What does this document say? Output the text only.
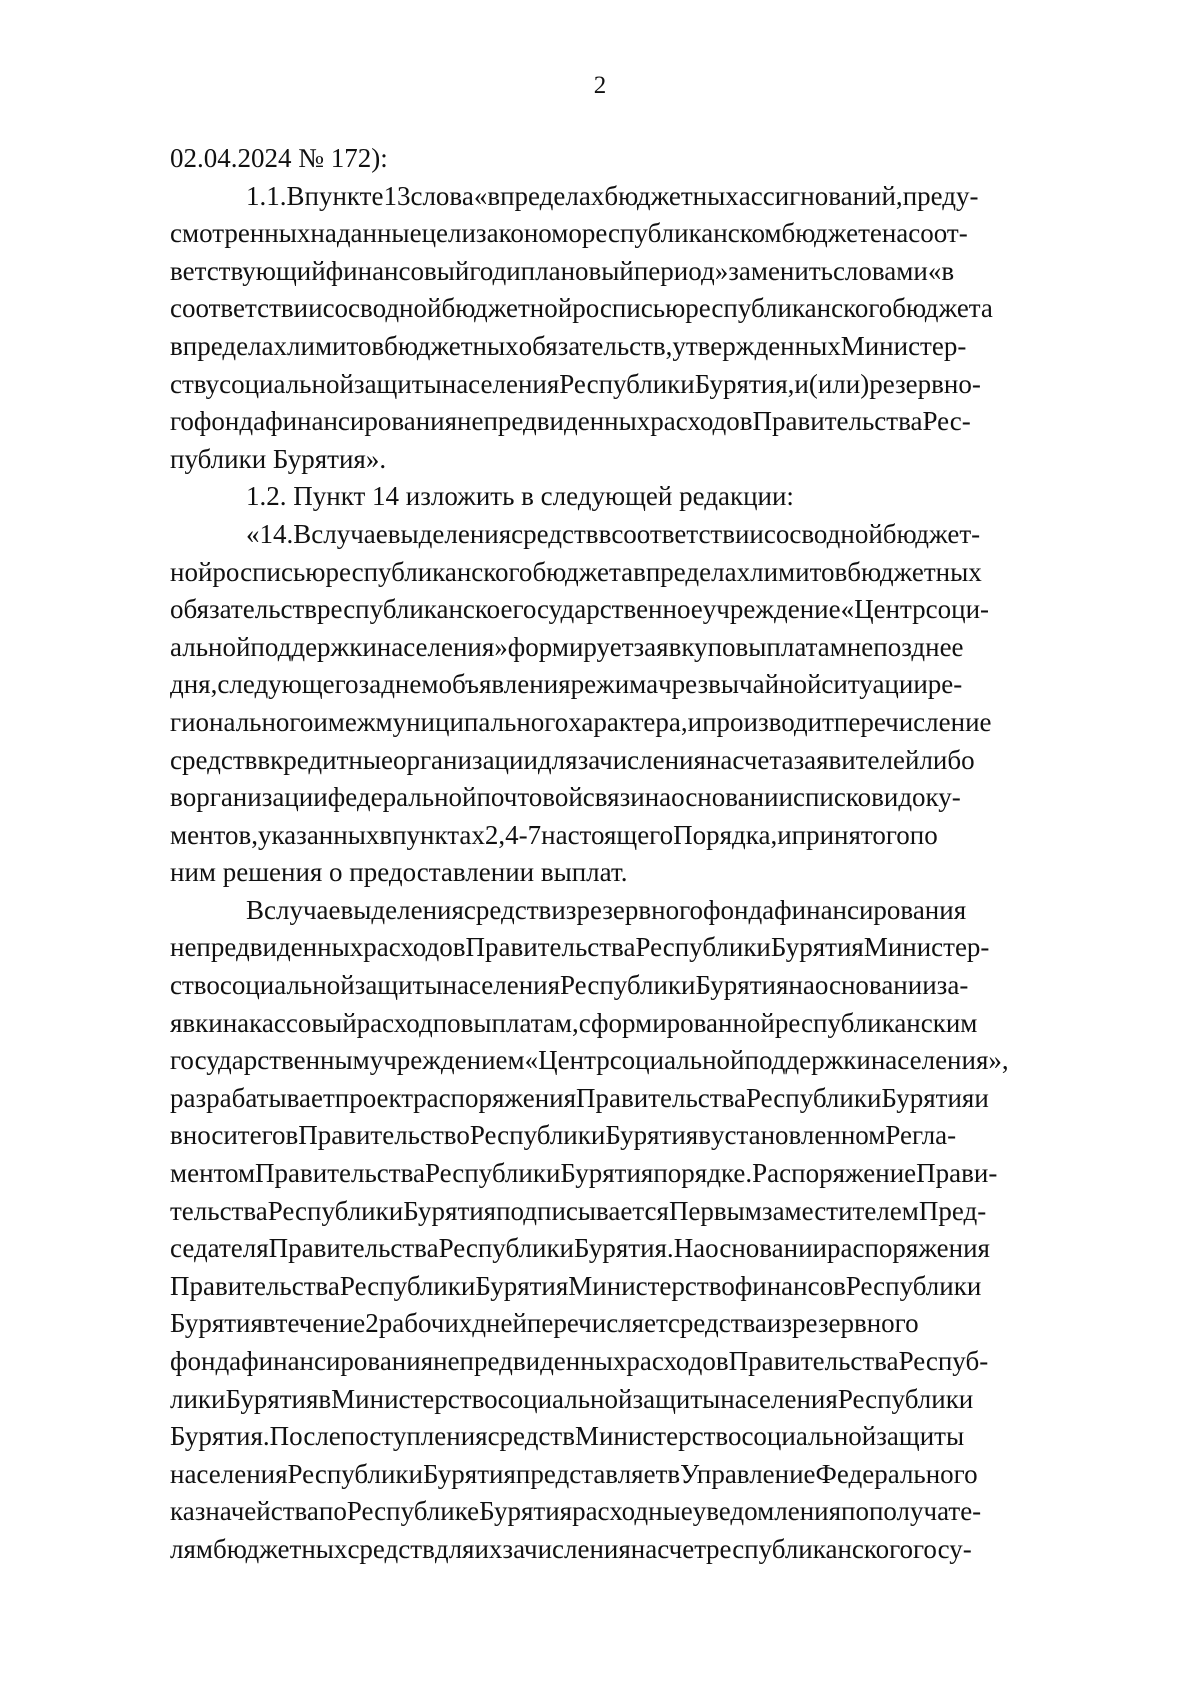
2
02.04.2024 № 172):
1.1. В пункте 13 слова «в пределах бюджетных ассигнований, преду-
смотренных на данные цели законом о республиканском бюджете на соот-
ветствующий финансовый год и плановый период» заменить словами «в
соответствии со сводной бюджетной росписью республиканского бюджета
в пределах лимитов бюджетных обязательств, утвержденных Министер-
ству социальной защиты населения Республики Бурятия, и (или) резервно-
го фонда финансирования непредвиденных расходов Правительства Рес-
публики Бурятия».
1.2. Пункт 14 изложить в следующей редакции:
«14. В случае выделения средств в соответствии со сводной бюджет-
ной росписью республиканского бюджета в пределах лимитов бюджетных
обязательств республиканское государственное учреждение «Центр соци-
альной поддержки населения» формирует заявку по выплатам не позднее
дня, следующего за днем объявления режима чрезвычайной ситуации ре-
гионального и межмуниципального характера, и производит перечисление
средств в кредитные организации для зачисления на счета заявителей либо
в организации федеральной почтовой связи на основании списков и доку-
ментов, указанных в пунктах 2, 4 - 7 настоящего Порядка, и принятого по
ним решения о предоставлении выплат.
В случае выделения средств из резервного фонда финансирования
непредвиденных расходов Правительства Республики Бурятия Министер-
ство социальной защиты населения Республики Бурятия на основании за-
явки на кассовый расход по выплатам, сформированной республиканским
государственным учреждением «Центр социальной поддержки населения»,
разрабатывает проект распоряжения Правительства Республики Бурятия и
вносит его в Правительство Республики Бурятия в установленном Регла-
ментом Правительства Республики Бурятия порядке. Распоряжение Прави-
тельства Республики Бурятия подписывается Первым заместителем Пред-
седателя Правительства Республики Бурятия. На основании распоряжения
Правительства Республики Бурятия Министерство финансов Республики
Бурятия в течение 2 рабочих дней перечисляет средства из резервного
фонда финансирования непредвиденных расходов Правительства Респуб-
лики Бурятия в Министерство социальной защиты населения Республики
Бурятия. После поступления средств Министерство социальной защиты
населения Республики Бурятия представляет в Управление Федерального
казначейства по Республике Бурятия расходные уведомления по получате-
лям бюджетных средств для их зачисления на счет республиканского госу-
